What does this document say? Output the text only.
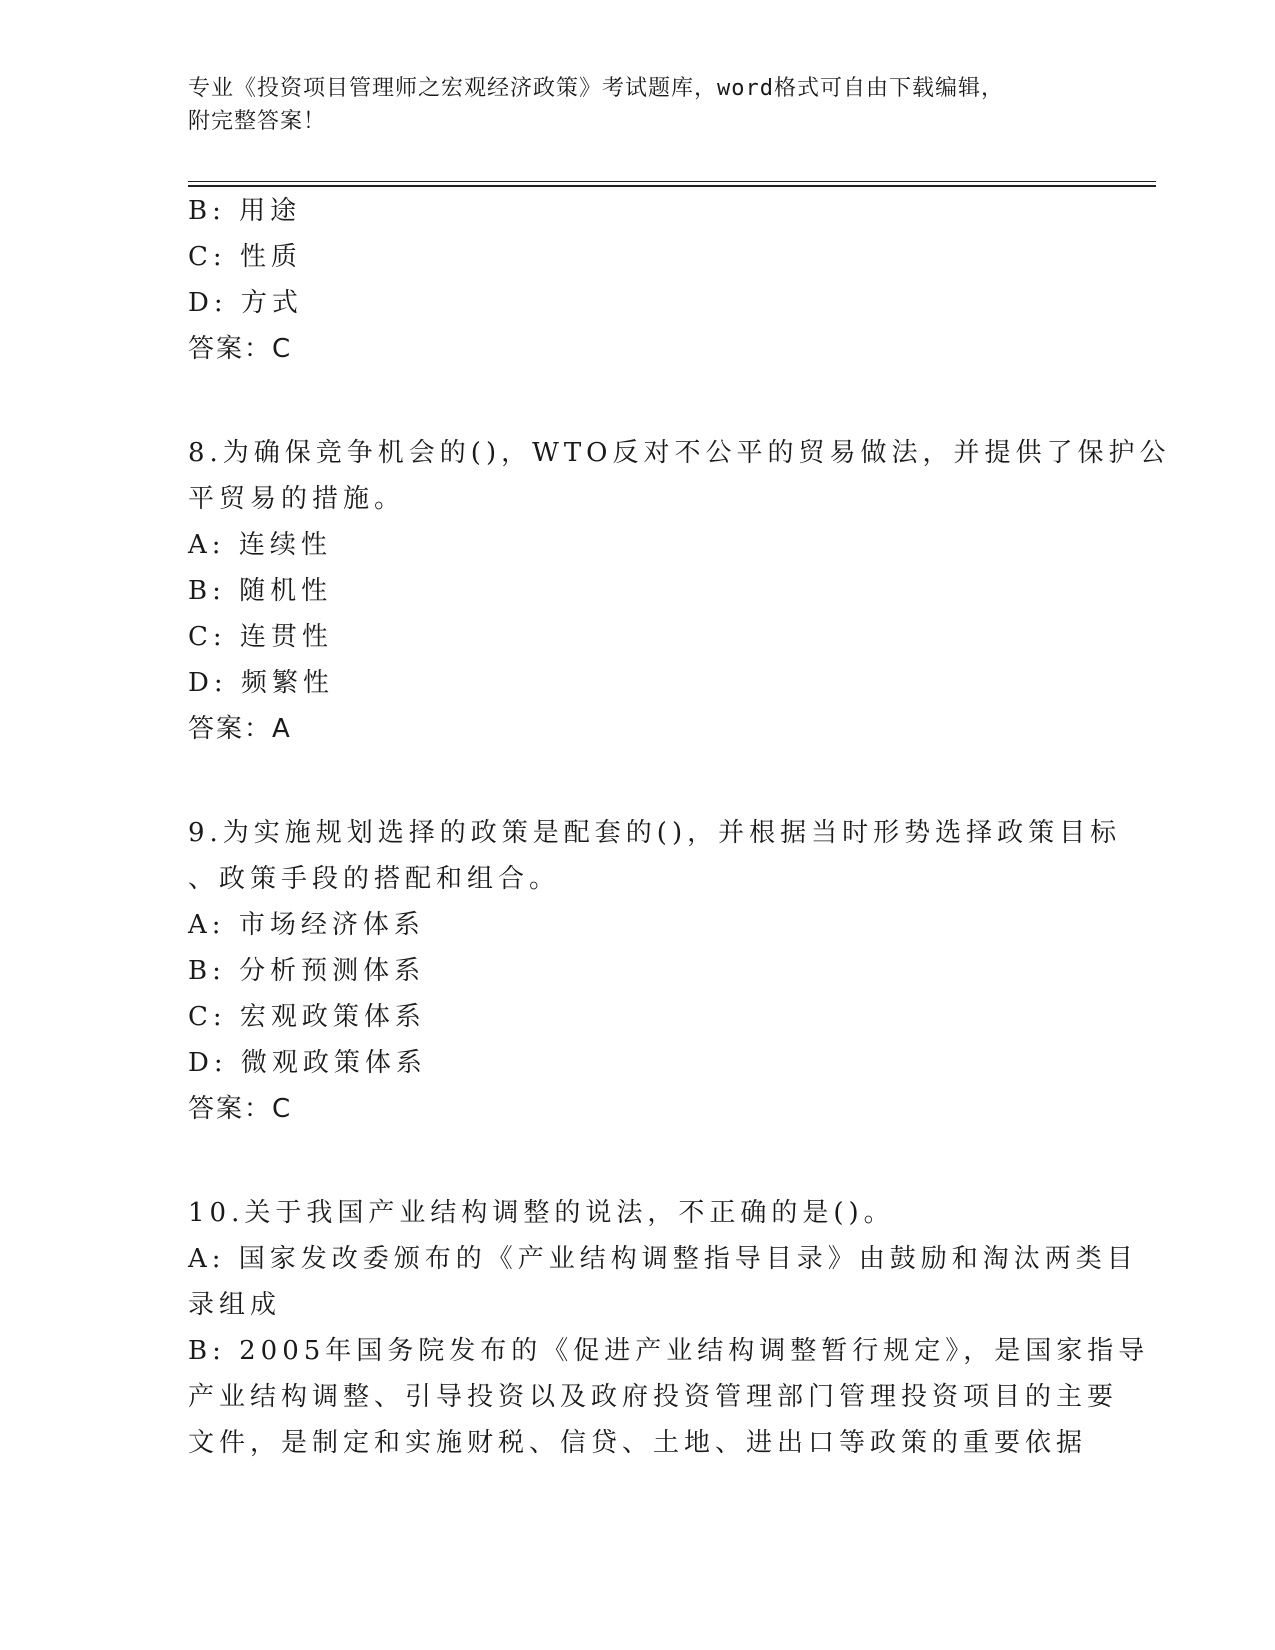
专业《投资项目管理师之宏观经济政策》考试题库，word格式可自由下载编辑，
附完整答案！
B: 用途
C: 性质
D: 方式
答案：C
8.为确保竞争机会的()，WTO反对不公平的贸易做法，并提供了保护公
平贸易的措施。
A: 连续性
B: 随机性
C: 连贯性
D: 频繁性
答案：A
9.为实施规划选择的政策是配套的()，并根据当时形势选择政策目标
、政策手段的搭配和组合。
A: 市场经济体系
B: 分析预测体系
C: 宏观政策体系
D: 微观政策体系
答案：C
10.关于我国产业结构调整的说法，不正确的是()。
A: 国家发改委颁布的《产业结构调整指导目录》由鼓励和淘汰两类目
录组成
B: 2005年国务院发布的《促进产业结构调整暂行规定》，是国家指导
产业结构调整、引导投资以及政府投资管理部门管理投资项目的主要
文件，是制定和实施财税、信贷、土地、进出口等政策的重要依据
